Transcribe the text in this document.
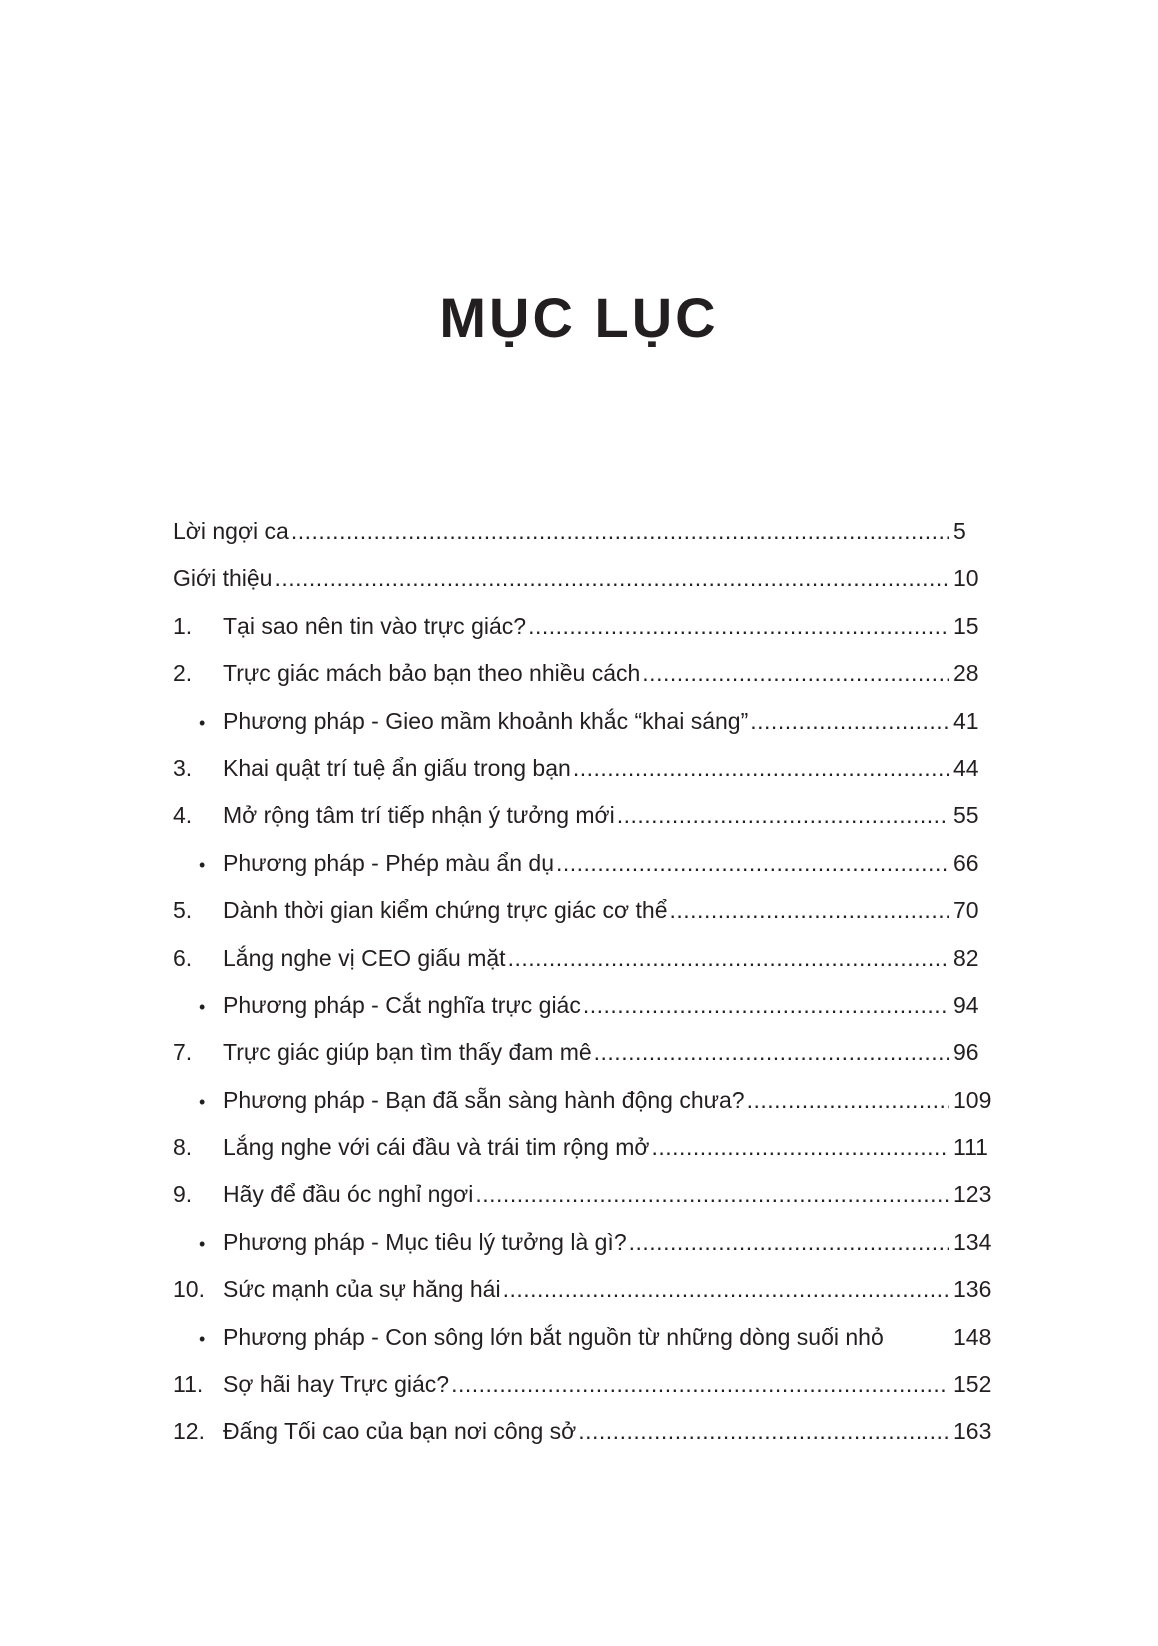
MỤC LỤC
Lời ngợi ca .....	5
Giới thiệu .....	10
1.	Tại sao nên tin vào trực giác? .....	15
2.	Trực giác mách bảo bạn theo nhiều cách .....	28
• Phương pháp - Gieo mầm khoảnh khắc “khai sáng” .....	41
3.	Khai quật trí tuệ ẩn giấu trong bạn .....	44
4.	Mở rộng tâm trí tiếp nhận ý tưởng mới .....	55
• Phương pháp - Phép màu ẩn dụ .....	66
5.	Dành thời gian kiểm chứng trực giác cơ thể .....	70
6.	Lắng nghe vị CEO giấu mặt .....	82
• Phương pháp - Cắt nghĩa trực giác .....	94
7.	Trực giác giúp bạn tìm thấy đam mê .....	96
• Phương pháp - Bạn đã sẵn sàng hành động chưa? .....	109
8.	Lắng nghe với cái đầu và trái tim rộng mở .....	111
9.	Hãy để đầu óc nghỉ ngơi .....	123
• Phương pháp - Mục tiêu lý tưởng là gì? .....	134
10. Sức mạnh của sự hăng hái .....	136
• Phương pháp - Con sông lớn bắt nguồn từ những dòng suối nhỏ	148
11. Sợ hãi hay Trực giác? .....	152
12. Đấng Tối cao của bạn nơi công sở .....	163
